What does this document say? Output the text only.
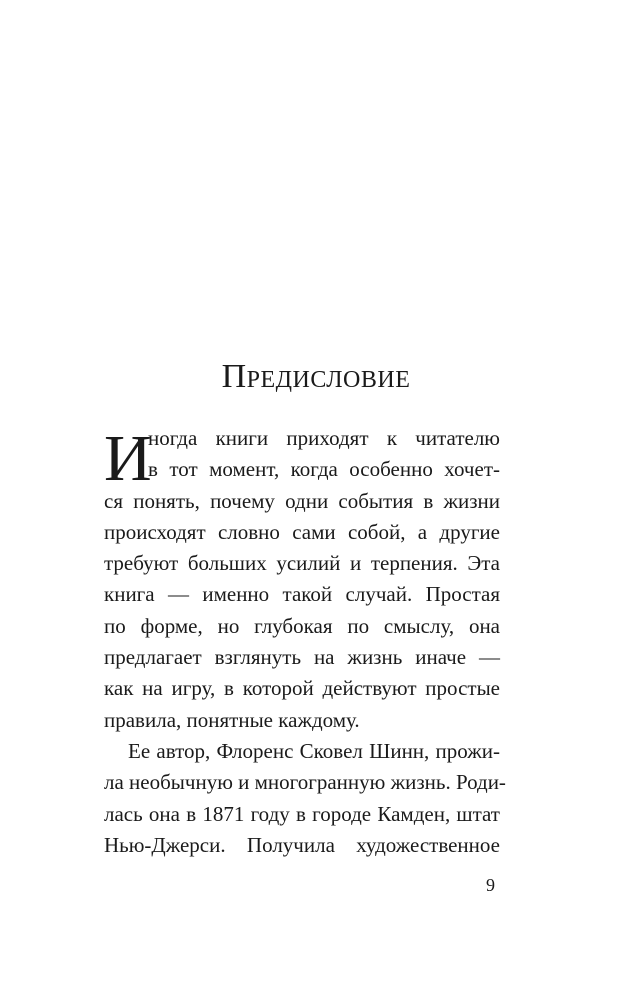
Предисловие
И
ногда книги приходят к читателю
в тот момент, когда особенно хочет-
ся понять, почему одни события в жизни
происходят словно сами собой, а другие
требуют больших усилий и терпения. Эта
книга — именно такой случай. Простая
по форме, но глубокая по смыслу, она
предлагает взглянуть на жизнь иначе —
как на игру, в которой действуют простые
правила, понятные каждому.
Ее автор, Флоренс Сковел Шинн, прожи-
ла необычную и многогранную жизнь. Роди-
лась она в 1871 году в городе Камден, штат
Нью-Джерси. Получила художественное
9
